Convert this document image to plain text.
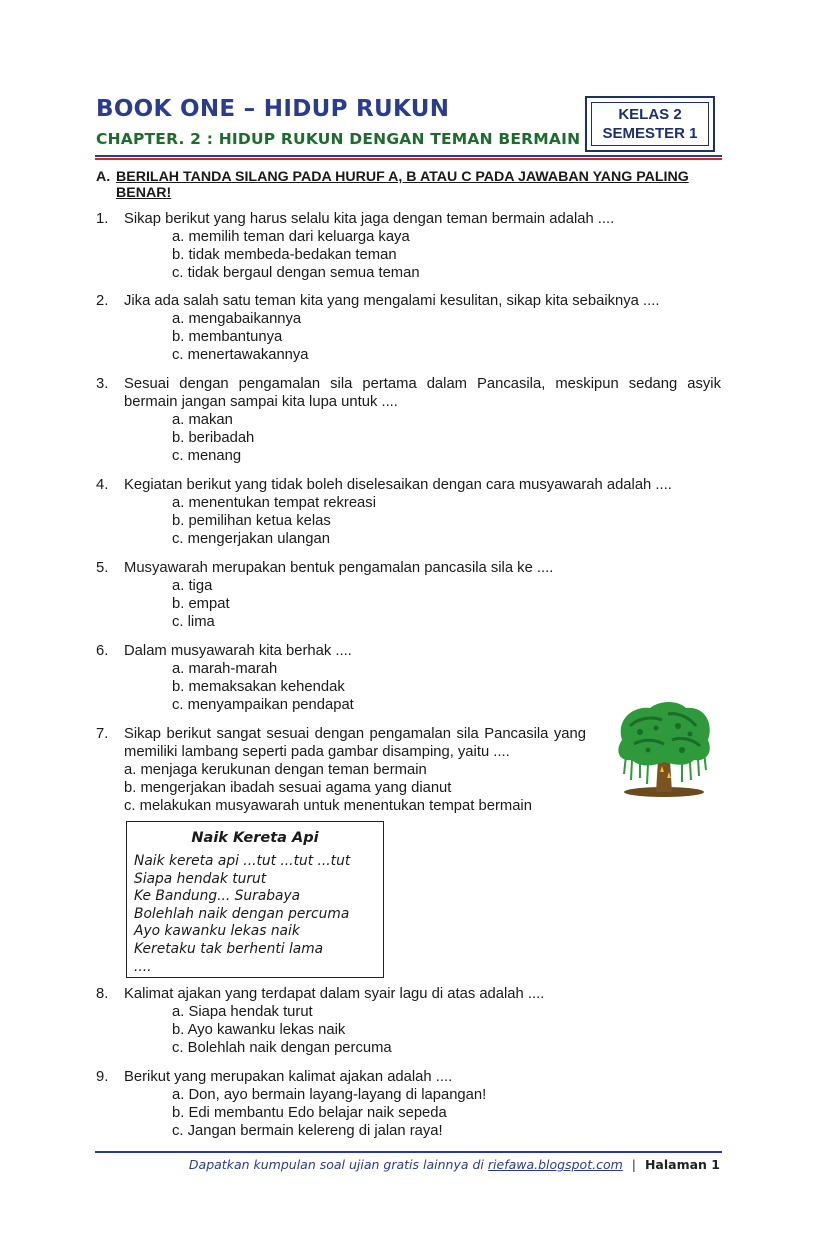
BOOK ONE – HIDUP RUKUN
CHAPTER. 2 : HIDUP RUKUN DENGAN TEMAN BERMAIN
KELAS 2
SEMESTER 1
A. BERILAH TANDA SILANG PADA HURUF A, B ATAU C PADA JAWABAN YANG PALING BENAR!
1. Sikap berikut yang harus selalu kita jaga dengan teman bermain adalah ....
a. memilih teman dari keluarga kaya
b. tidak membeda-bedakan teman
c. tidak bergaul dengan semua teman
2. Jika ada salah satu teman kita yang mengalami kesulitan, sikap kita sebaiknya ....
a. mengabaikannya
b. membantunya
c. menertawakannya
3. Sesuai dengan pengamalan sila pertama dalam Pancasila, meskipun sedang asyik bermain jangan sampai kita lupa untuk ....
a. makan
b. beribadah
c. menang
4. Kegiatan berikut yang tidak boleh diselesaikan dengan cara musyawarah adalah ....
a. menentukan tempat rekreasi
b. pemilihan ketua kelas
c. mengerjakan ulangan
5. Musyawarah merupakan bentuk pengamalan pancasila sila ke ....
a. tiga
b. empat
c. lima
6. Dalam musyawarah kita berhak ....
a. marah-marah
b. memaksakan kehendak
c. menyampaikan pendapat
7. Sikap berikut sangat sesuai dengan pengamalan sila Pancasila yang memiliki lambang seperti pada gambar disamping, yaitu ....
a. menjaga kerukunan dengan teman bermain
b. mengerjakan ibadah sesuai agama yang dianut
c. melakukan musyawarah untuk menentukan tempat bermain
Naik Kereta Api
Naik kereta api ...tut ...tut ...tut
Siapa hendak turut
Ke Bandung... Surabaya
Bolehlah naik dengan percuma
Ayo kawanku lekas naik
Keretaku tak berhenti lama
....
8. Kalimat ajakan yang terdapat dalam syair lagu di atas adalah ....
a. Siapa hendak turut
b. Ayo kawanku lekas naik
c. Bolehlah naik dengan percuma
9. Berikut yang merupakan kalimat ajakan adalah ....
a. Don, ayo bermain layang-layang di lapangan!
b. Edi membantu Edo belajar naik sepeda
c. Jangan bermain kelereng di jalan raya!
Dapatkan kumpulan soal ujian gratis lainnya di riefawa.blogspot.com | Halaman 1
